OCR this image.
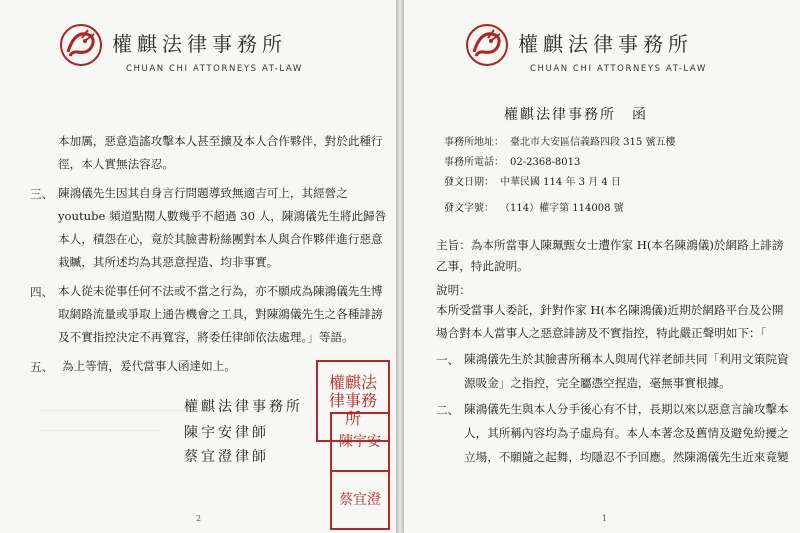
權麒法律事務所
CHUAN CHI ATTORNEYS AT-LAW
本加厲，惡意造謠攻擊本人甚至擴及本人合作夥伴，對於此種行
徑，本人實無法容忍。
三、 陳鴻儀先生因其自身言行問題導致無適吉可上，其經營之
youtube 頻道點閱人數幾乎不超過 30 人，陳鴻儀先生將此歸咎
本人，積怨在心，竟於其臉書粉絲團對本人與合作夥伴進行惡意
栽贓，其所述均為其惡意捏造、均非事實。
四、 本人從未從事任何不法或不當之行為，亦不願成為陳鴻儀先生博
取網路流量或爭取上通告機會之工具，對陳鴻儀先生之各種誹謗
及不實指控決定不再寬容，將委任律師依法處理。」等語。
五、 為上等情，爰代當事人函達如上。
權麒法律事務所
陳宇安律師
蔡宜澄律師
權麒法律事務所
陳宇安
蔡宜澄
2
權麒法律事務所
CHUAN CHI ATTORNEYS AT-LAW
權麒法律事務所　函
事務所地址： 臺北市大安區信義路四段 315 號五樓
事務所電話： 02-2368-8013
發文日期： 中華民國 114 年 3 月 4 日
發文字號： （114）權字第 114008 號
主旨：為本所當事人陳珮甄女士遭作家 H(本名陳鴻儀)於網路上誹謗
乙事，特此說明。
說明：
本所受當事人委託，針對作家 H(本名陳鴻儀)近期於網路平台及公開
場合對本人當事人之惡意誹謗及不實指控，特此嚴正聲明如下：「
一、 陳鴻儀先生於其臉書所稱本人與周代祥老師共同「利用文策院資
源吸金」之指控，完全屬憑空捏造，毫無事實根據。
二、 陳鴻儀先生與本人分手後心有不甘，長期以來以惡意言論攻擊本
人，其所稱內容均為子虛烏有。本人本著念及舊情及避免紛擾之
立場，不願隨之起舞，均隱忍不予回應。然陳鴻儀先生近來竟變
1
